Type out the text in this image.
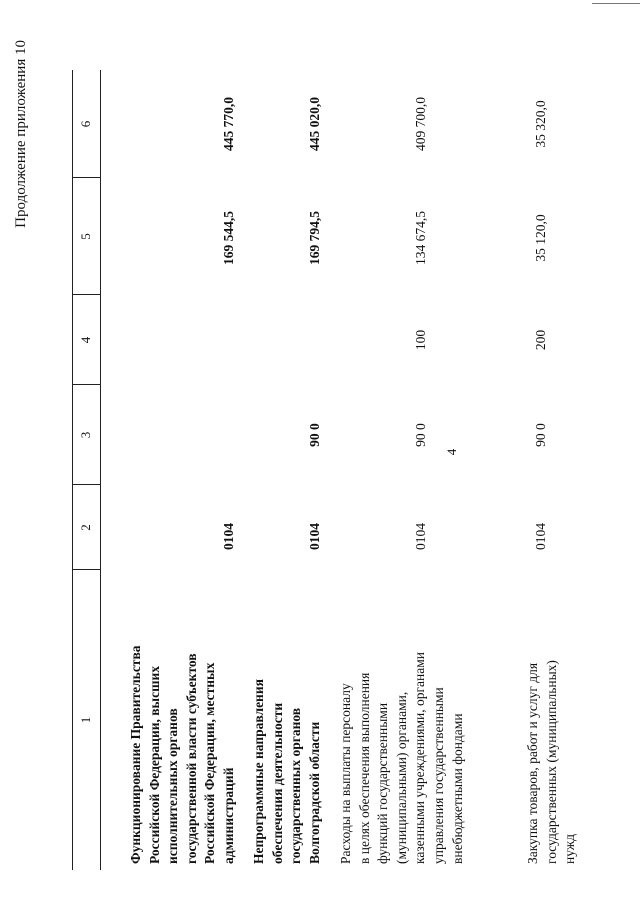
4
Продолжение приложения 10
1
2
3
4
5
6
Функционирование Правительства Российской Федерации, высших исполнительных органов государственной власти субъектов Российской Федерации, местных администраций
0104
169 544,5
445 770,0
Непрограммные направления обеспечения деятельности государственных органов Волгоградской области
0104
90 0
169 794,5
445 020,0
Расходы на выплаты персоналу в целях обеспечения выполнения функций государственными (муниципальными) органами, казенными учреждениями, органами управления государственными внебюджетными фондами
0104
90 0
100
134 674,5
409 700,0
Закупка товаров, работ и услуг для государственных (муниципальных) нужд
0104
90 0
200
35 120,0
35 320,0
